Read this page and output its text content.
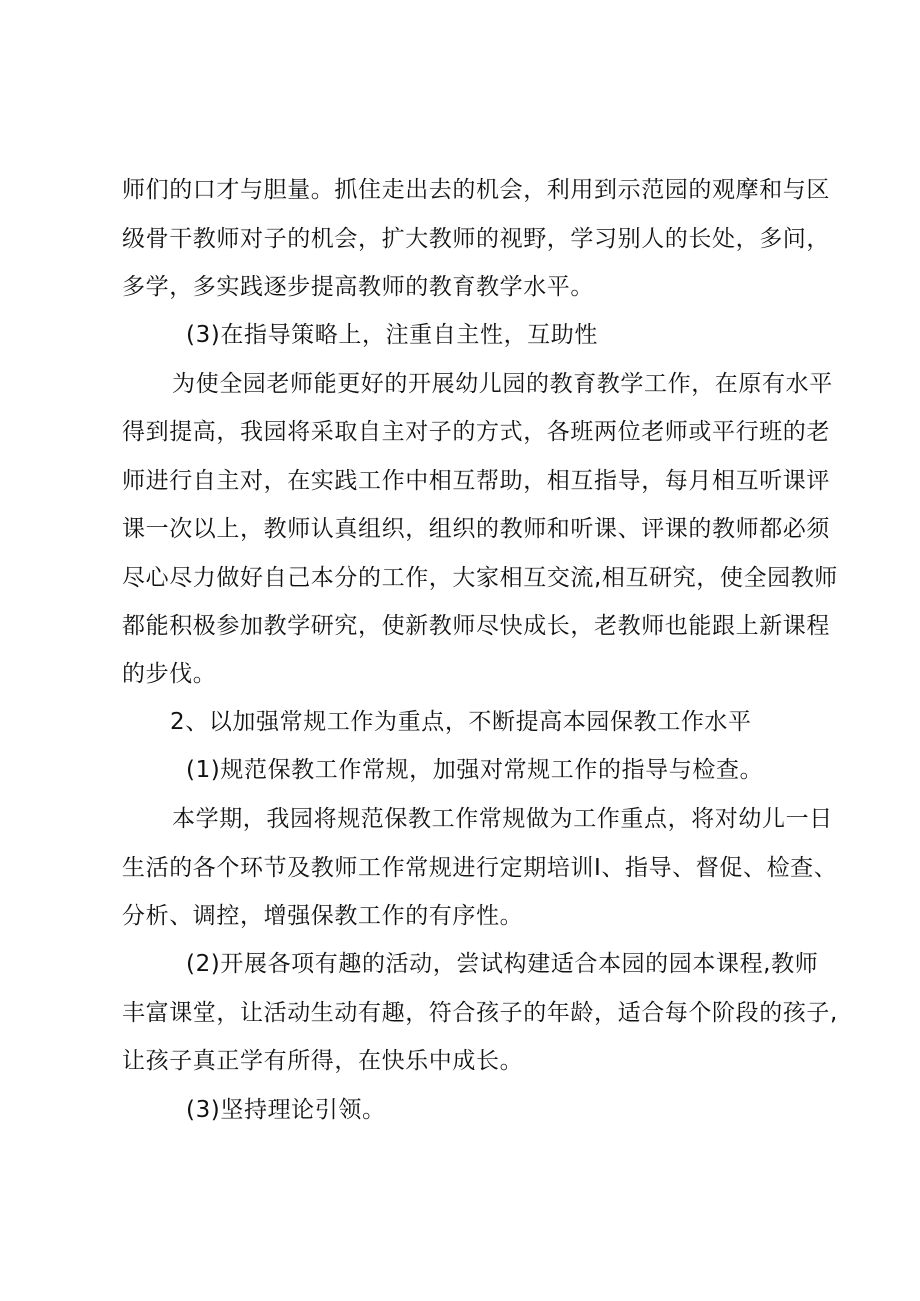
师们的口才与胆量。抓住走出去的机会，利用到示范园的观摩和与区
级骨干教师对子的机会，扩大教师的视野，学习别人的长处，多问，
多学，多实践逐步提高教师的教育教学水平。
(3)在指导策略上，注重自主性，互助性
为使全园老师能更好的开展幼儿园的教育教学工作，在原有水平
得到提高，我园将采取自主对子的方式，各班两位老师或平行班的老
师进行自主对，在实践工作中相互帮助，相互指导，每月相互听课评
课一次以上，教师认真组织，组织的教师和听课、评课的教师都必须
尽心尽力做好自己本分的工作，大家相互交流,相互研究，使全园教师
都能积极参加教学研究，使新教师尽快成长，老教师也能跟上新课程
的步伐。
2、以加强常规工作为重点，不断提高本园保教工作水平
(1)规范保教工作常规，加强对常规工作的指导与检查。
本学期，我园将规范保教工作常规做为工作重点，将对幼儿一日
生活的各个环节及教师工作常规进行定期培训I、指导、督促、检查、
分析、调控，增强保教工作的有序性。
(2)开展各项有趣的活动，尝试构建适合本园的园本课程,教师
丰富课堂，让活动生动有趣，符合孩子的年龄，适合每个阶段的孩子,
让孩子真正学有所得，在快乐中成长。
(3)坚持理论引领。
